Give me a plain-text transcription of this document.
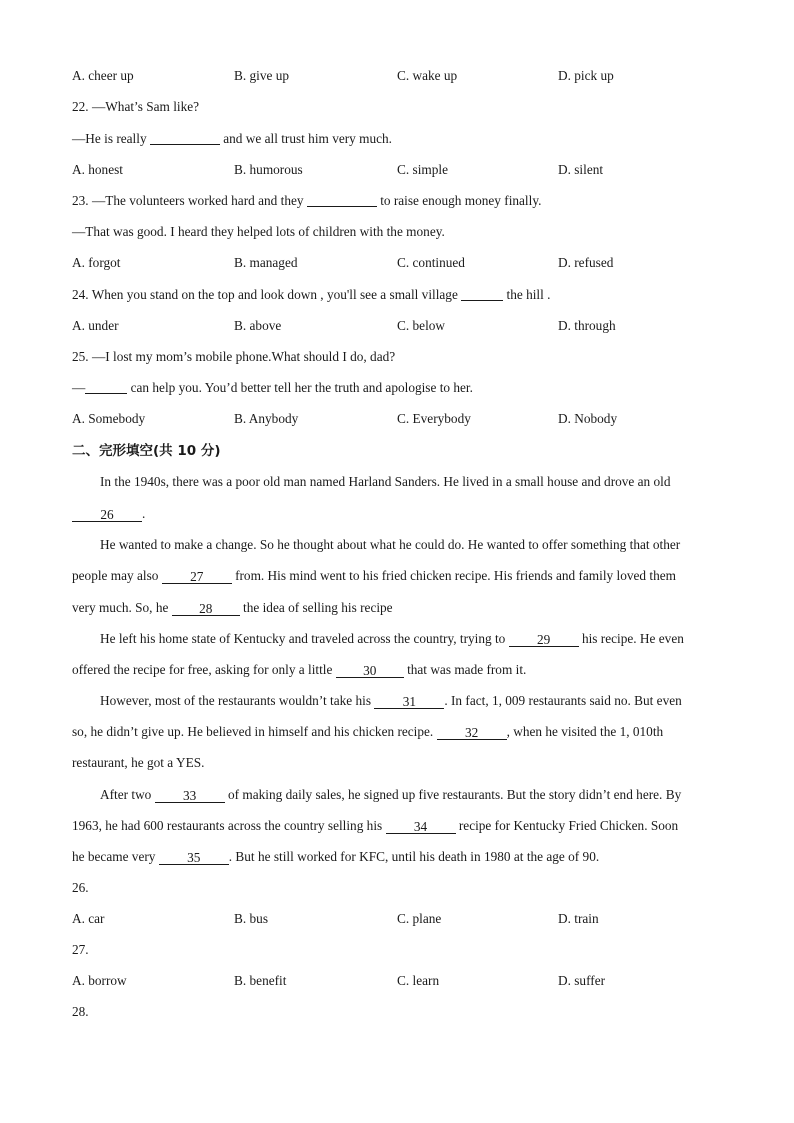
A. cheer up	B. give up	C. wake up	D. pick up
22. —What’s Sam like?
—He is really	and we all trust him very much.
A. honest	B. humorous	C. simple	D. silent
23. —The volunteers worked hard and they	to raise enough money finally.
—That was good. I heard they helped lots of children with the money.
A. forgot	B. managed	C. continued	D. refused
24. When you stand on the top and look down , you'll see a small village	the hill .
A. under	B. above	C. below	D. through
25. —I lost my mom’s mobile phone.What should I do, dad?
—	can help you. You’d better tell her the truth and apologise to her.
A. Somebody	B. Anybody	C. Everybody	D. Nobody
二、完形填空(共 10 分)
In the 1940s, there was a poor old man named Harland Sanders. He lived in a small house and drove an old
26 .
He wanted to make a change. So he thought about what he could do. He wanted to offer something that other
people may also 27 from. His mind went to his fried chicken recipe. His friends and family loved them
very much. So, he 28 the idea of selling his recipe
He left his home state of Kentucky and traveled across the country, trying to 29 his recipe. He even
offered the recipe for free, asking for only a little 30 that was made from it.
However, most of the restaurants wouldn’t take his 31 . In fact, 1, 009 restaurants said no. But even
so, he didn’t give up. He believed in himself and his chicken recipe. 32 , when he visited the 1, 010th
restaurant, he got a YES.
After two 33 of making daily sales, he signed up five restaurants. But the story didn’t end here. By
1963, he had 600 restaurants across the country selling his 34 recipe for Kentucky Fried Chicken. Soon
he became very 35 . But he still worked for KFC, until his death in 1980 at the age of 90.
26.
A. car	B. bus	C. plane	D. train
27.
A. borrow	B. benefit	C. learn	D. suffer
28.
